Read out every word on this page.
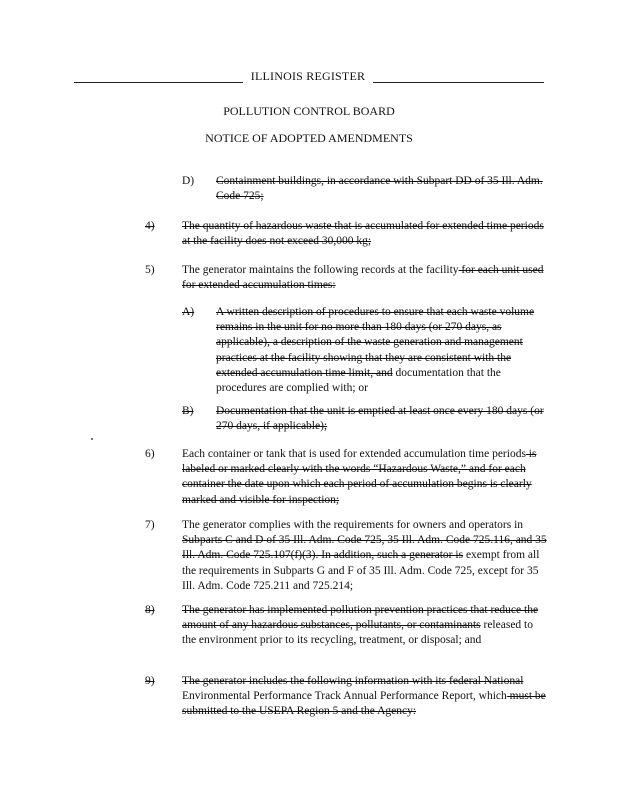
ILLINOIS REGISTER
POLLUTION CONTROL BOARD
NOTICE OF ADOPTED AMENDMENTS
D) Containment buildings, in accordance with Subpart DD of 35 Ill. Adm. Code 725;
4) The quantity of hazardous waste that is accumulated for extended time periods at the facility does not exceed 30,000 kg;
5) The generator maintains the following records at the facility for each unit used for extended accumulation times:
A) A written description of procedures to ensure that each waste volume remains in the unit for no more than 180 days (or 270 days, as applicable), a description of the waste generation and management practices at the facility showing that they are consistent with the extended accumulation time limit, and documentation that the procedures are complied with; or
B) Documentation that the unit is emptied at least once every 180 days (or 270 days, if applicable);
6) Each container or tank that is used for extended accumulation time periods is labeled or marked clearly with the words “Hazardous Waste,” and for each container the date upon which each period of accumulation begins is clearly marked and visible for inspection;
7) The generator complies with the requirements for owners and operators in Subparts C and D of 35 Ill. Adm. Code 725, 35 Ill. Adm. Code 725.116, and 35 Ill. Adm. Code 725.107(f)(3). In addition, such a generator is exempt from all the requirements in Subparts G and F of 35 Ill. Adm. Code 725, except for 35 Ill. Adm. Code 725.211 and 725.214;
8) The generator has implemented pollution prevention practices that reduce the amount of any hazardous substances, pollutants, or contaminants released to the environment prior to its recycling, treatment, or disposal; and
9) The generator includes the following information with its federal National Environmental Performance Track Annual Performance Report, which must be submitted to the USEPA Region 5 and the Agency:
